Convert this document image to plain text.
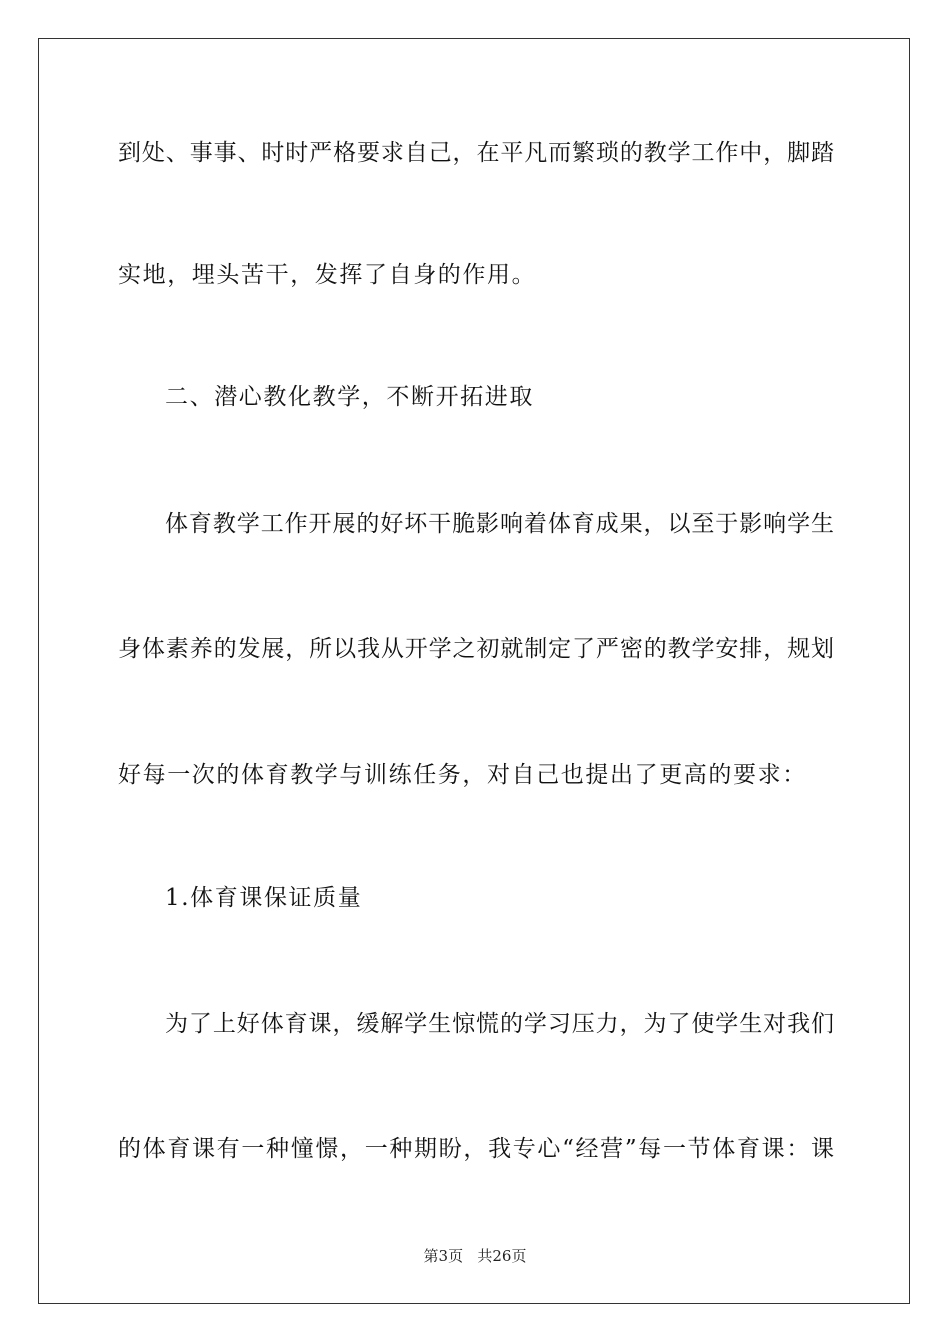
到处、事事、时时严格要求自己，在平凡而繁琐的教学工作中，脚踏
实地，埋头苦干，发挥了自身的作用。
二、潜心教化教学，不断开拓进取
体育教学工作开展的好坏干脆影响着体育成果，以至于影响学生
身体素养的发展，所以我从开学之初就制定了严密的教学安排，规划
好每一次的体育教学与训练任务，对自己也提出了更高的要求：
1.体育课保证质量
为了上好体育课，缓解学生惊慌的学习压力，为了使学生对我们
的体育课有一种憧憬，一种期盼，我专心“经营”每一节体育课：课
第3页   共26页
